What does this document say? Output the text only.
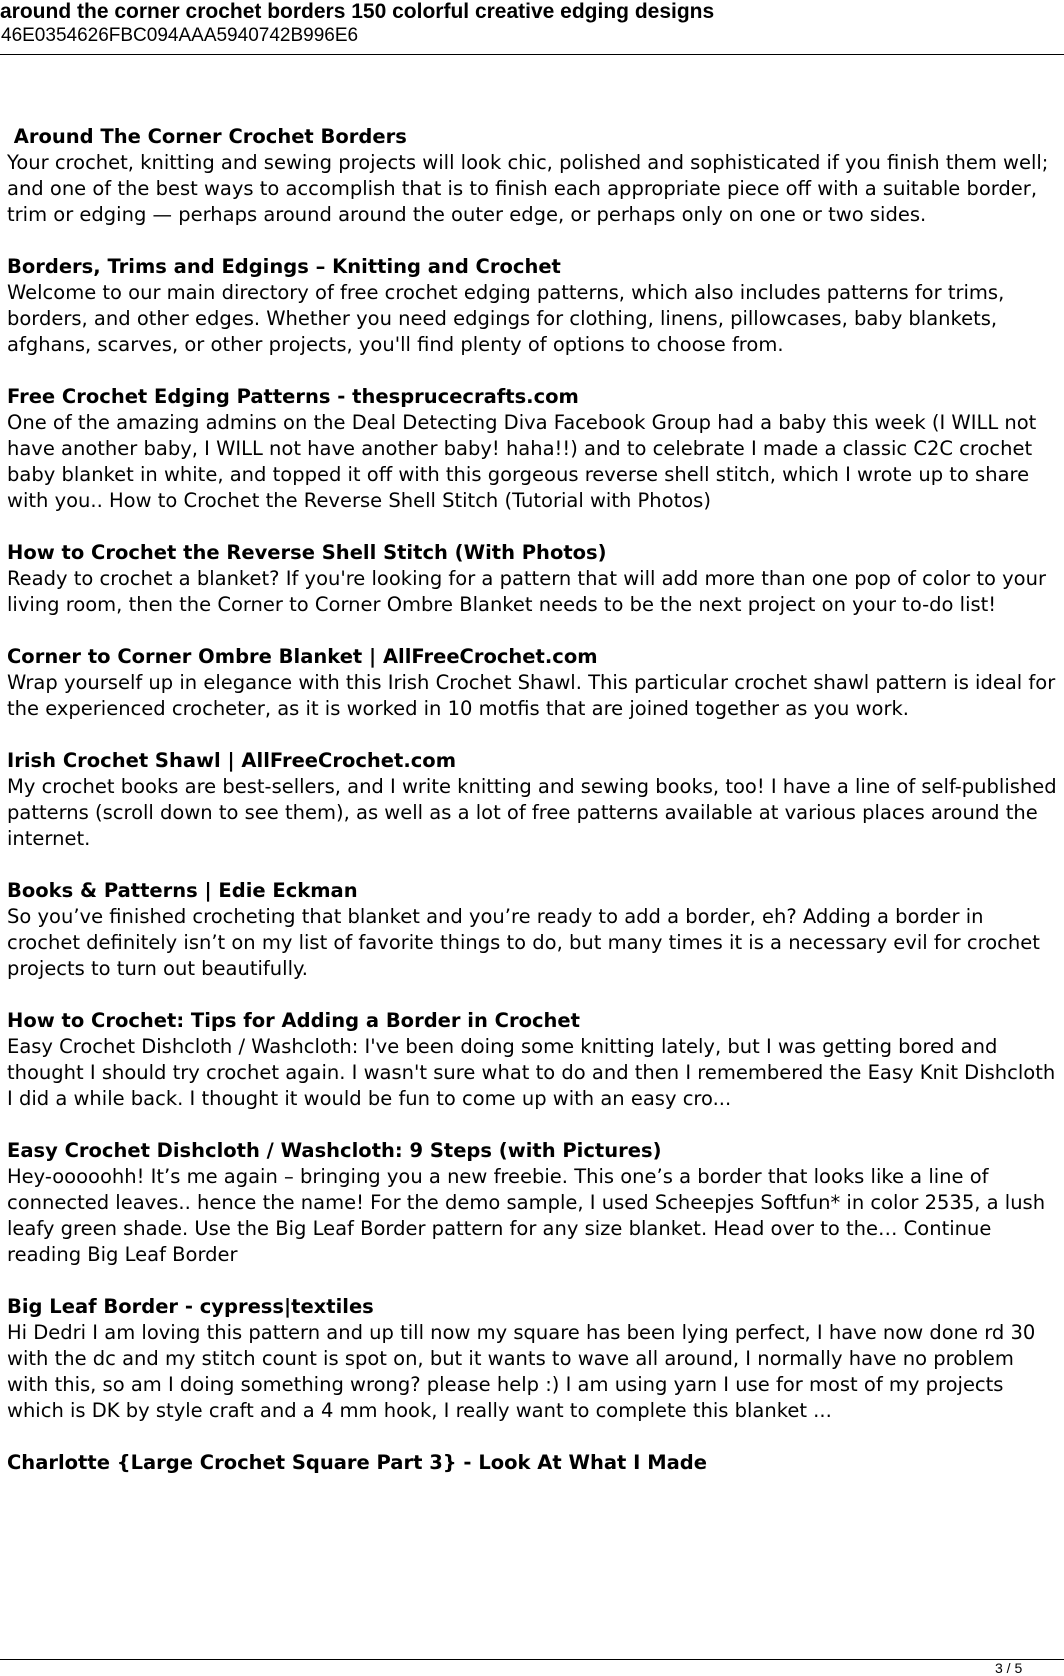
around the corner crochet borders 150 colorful creative edging designs
46E0354626FBC094AAA5940742B996E6
Around The Corner Crochet Borders

Your crochet, knitting and sewing projects will look chic, polished and sophisticated if you finish them well; and one of the best ways to accomplish that is to finish each appropriate piece off with a suitable border, trim or edging — perhaps around around the outer edge, or perhaps only on one or two sides.

Borders, Trims and Edgings – Knitting and Crochet

Welcome to our main directory of free crochet edging patterns, which also includes patterns for trims, borders, and other edges. Whether you need edgings for clothing, linens, pillowcases, baby blankets, afghans, scarves, or other projects, you'll find plenty of options to choose from.

Free Crochet Edging Patterns - thesprucecrafts.com

One of the amazing admins on the Deal Detecting Diva Facebook Group had a baby this week (I WILL not have another baby, I WILL not have another baby! haha!!) and to celebrate I made a classic C2C crochet baby blanket in white, and topped it off with this gorgeous reverse shell stitch, which I wrote up to share with you.. How to Crochet the Reverse Shell Stitch (Tutorial with Photos)

How to Crochet the Reverse Shell Stitch (With Photos)

Ready to crochet a blanket? If you're looking for a pattern that will add more than one pop of color to your living room, then the Corner to Corner Ombre Blanket needs to be the next project on your to-do list!

Corner to Corner Ombre Blanket | AllFreeCrochet.com

Wrap yourself up in elegance with this Irish Crochet Shawl. This particular crochet shawl pattern is ideal for the experienced crocheter, as it is worked in 10 motfis that are joined together as you work.

Irish Crochet Shawl | AllFreeCrochet.com

My crochet books are best-sellers, and I write knitting and sewing books, too! I have a line of self-published patterns (scroll down to see them), as well as a lot of free patterns available at various places around the internet.

Books & Patterns | Edie Eckman

So you’ve finished crocheting that blanket and you’re ready to add a border, eh? Adding a border in crochet definitely isn’t on my list of favorite things to do, but many times it is a necessary evil for crochet projects to turn out beautifully.

How to Crochet: Tips for Adding a Border in Crochet

Easy Crochet Dishcloth / Washcloth: I've been doing some knitting lately, but I was getting bored and thought I should try crochet again. I wasn't sure what to do and then I remembered the Easy Knit Dishcloth I did a while back. I thought it would be fun to come up with an easy cro...

Easy Crochet Dishcloth / Washcloth: 9 Steps (with Pictures)

Hey-ooooohh! It’s me again – bringing you a new freebie. This one’s a border that looks like a line of connected leaves.. hence the name! For the demo sample, I used Scheepjes Softfun* in color 2535, a lush leafy green shade. Use the Big Leaf Border pattern for any size blanket. Head over to the… Continue reading Big Leaf Border

Big Leaf Border - cypress|textiles

Hi Dedri I am loving this pattern and up till now my square has been lying perfect, I have now done rd 30 with the dc and my stitch count is spot on, but it wants to wave all around, I normally have no problem with this, so am I doing something wrong? please help :) I am using yarn I use for most of my projects which is DK by style craft and a 4 mm hook, I really want to complete this blanket ...

Charlotte {Large Crochet Square Part 3} - Look At What I Made
3 / 5
